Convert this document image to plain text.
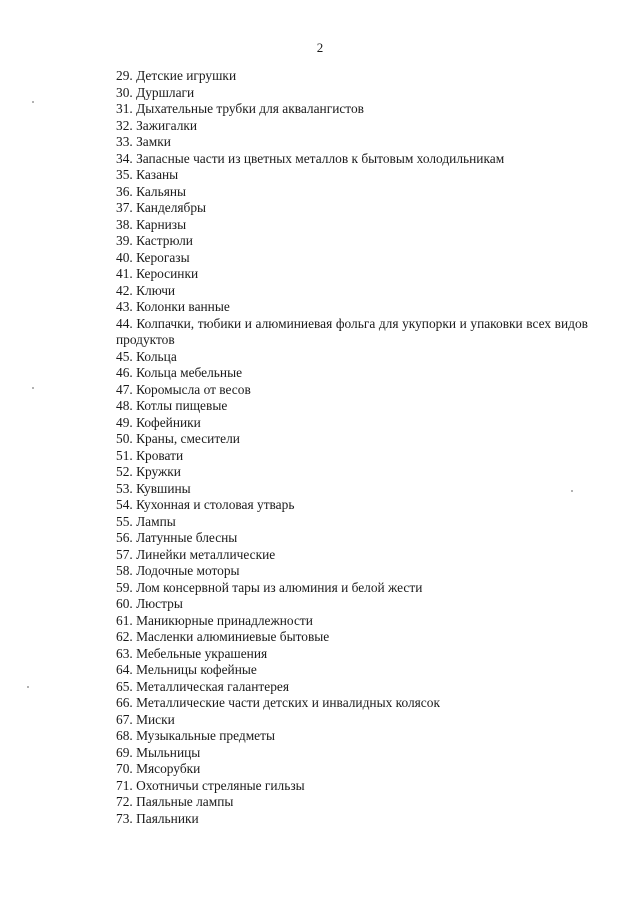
2
29. Детские игрушки
30. Дуршлаги
31. Дыхательные трубки для аквалангистов
32. Зажигалки
33. Замки
34. Запасные части из цветных металлов к бытовым холодильникам
35. Казаны
36. Кальяны
37. Канделябры
38. Карнизы
39. Кастрюли
40. Керогазы
41. Керосинки
42. Ключи
43. Колонки ванные
44. Колпачки, тюбики и алюминиевая фольга для укупорки и упаковки всех видов продуктов
45. Кольца
46. Кольца мебельные
47. Коромысла от весов
48. Котлы пищевые
49. Кофейники
50. Краны, смесители
51. Кровати
52. Кружки
53. Кувшины
54. Кухонная и столовая утварь
55. Лампы
56. Латунные блесны
57. Линейки металлические
58. Лодочные моторы
59. Лом консервной тары из алюминия и белой жести
60. Люстры
61. Маникюрные принадлежности
62. Масленки алюминиевые бытовые
63. Мебельные украшения
64. Мельницы кофейные
65. Металлическая галантерея
66. Металлические части детских и инвалидных колясок
67. Миски
68. Музыкальные предметы
69. Мыльницы
70. Мясорубки
71. Охотничьи стреляные гильзы
72. Паяльные лампы
73. Паяльники
